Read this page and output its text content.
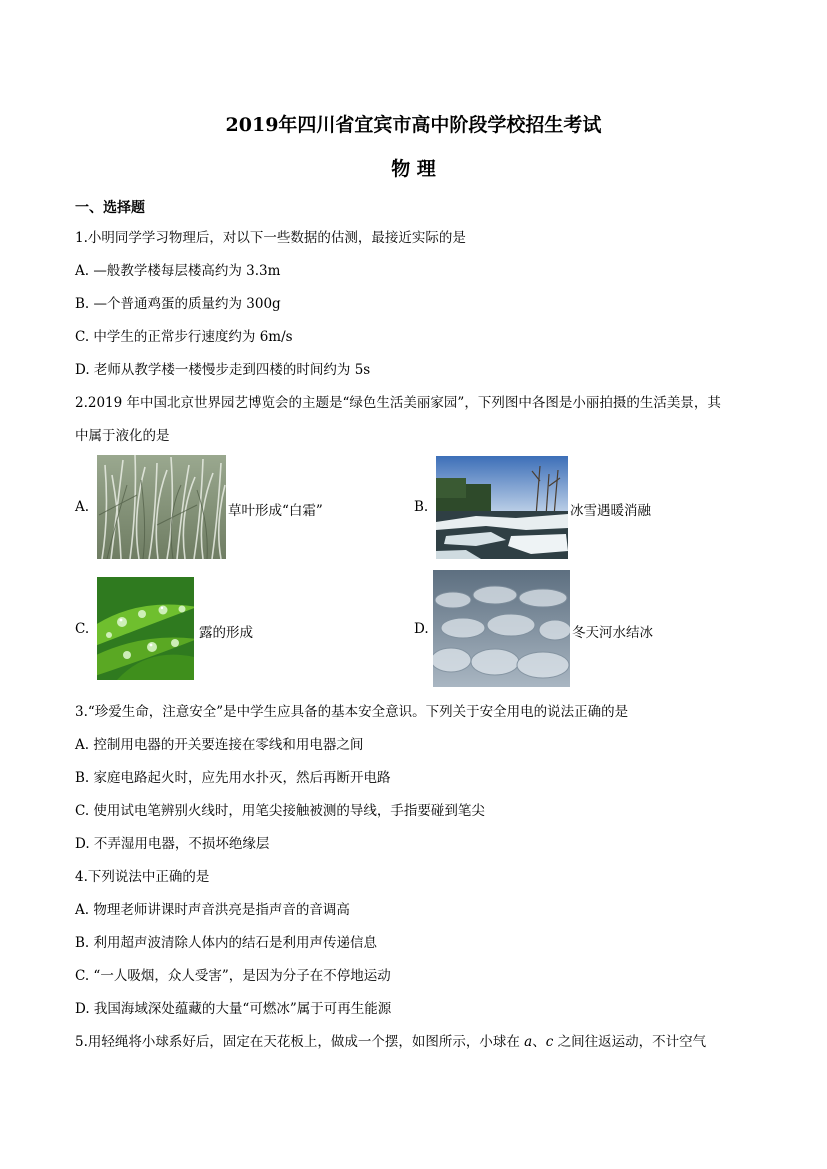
2019年四川省宜宾市高中阶段学校招生考试
物 理
一、选择题
1.小明同学学习物理后，对以下一些数据的估测，最接近实际的是
A. —般教学楼每层楼高约为 3.3m
B. —个普通鸡蛋的质量约为 300g
C. 中学生的正常步行速度约为 6m/s
D. 老师从教学楼一楼慢步走到四楼的时间约为 5s
2.2019 年中国北京世界园艺博览会的主题是“绿色生活美丽家园”，下列图中各图是小丽拍摄的生活美景，其
中属于液化的是
A.	草叶形成“白霜”	B.	冰雪遇暖消融
C.	露的形成	D.	冬天河水结冰
3.“珍爱生命，注意安全”是中学生应具备的基本安全意识。下列关于安全用电的说法正确的是
A. 控制用电器的开关要连接在零线和用电器之间
B. 家庭电路起火时，应先用水扑灭，然后再断开电路
C. 使用试电笔辨别火线时，用笔尖接触被测的导线，手指要碰到笔尖
D. 不弄湿用电器，不损坏绝缘层
4.下列说法中正确的是
A. 物理老师讲课时声音洪亮是指声音的音调高
B. 利用超声波清除人体内的结石是利用声传递信息
C. “一人吸烟，众人受害”，是因为分子在不停地运动
D. 我国海域深处蕴藏的大量“可燃冰”属于可再生能源
5.用轻绳将小球系好后，固定在天花板上，做成一个摆，如图所示，小球在 a、c 之间往返运动，不计空气
